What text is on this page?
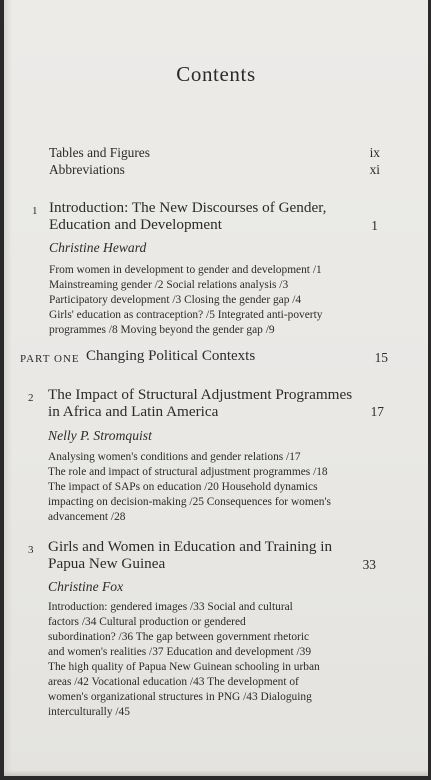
Contents
Tables and Figures	ix
Abbreviations	xi
1 Introduction: The New Discourses of Gender,
Education and Development	1
Christine Heward
From women in development to gender and development /1
Mainstreaming gender /2 Social relations analysis /3
Participatory development /3 Closing the gender gap /4
Girls' education as contraception? /5 Integrated anti-poverty
programmes /8 Moving beyond the gender gap /9
PART ONE Changing Political Contexts	15
2 The Impact of Structural Adjustment Programmes
in Africa and Latin America	17
Nelly P. Stromquist
Analysing women's conditions and gender relations /17
The role and impact of structural adjustment programmes /18
The impact of SAPs on education /20 Household dynamics
impacting on decision-making /25 Consequences for women's
advancement /28
3 Girls and Women in Education and Training in
Papua New Guinea	33
Christine Fox
Introduction: gendered images /33 Social and cultural
factors /34 Cultural production or gendered
subordination? /36 The gap between government rhetoric
and women's realities /37 Education and development /39
The high quality of Papua New Guinean schooling in urban
areas /42 Vocational education /43 The development of
women's organizational structures in PNG /43 Dialoguing
interculturally /45
